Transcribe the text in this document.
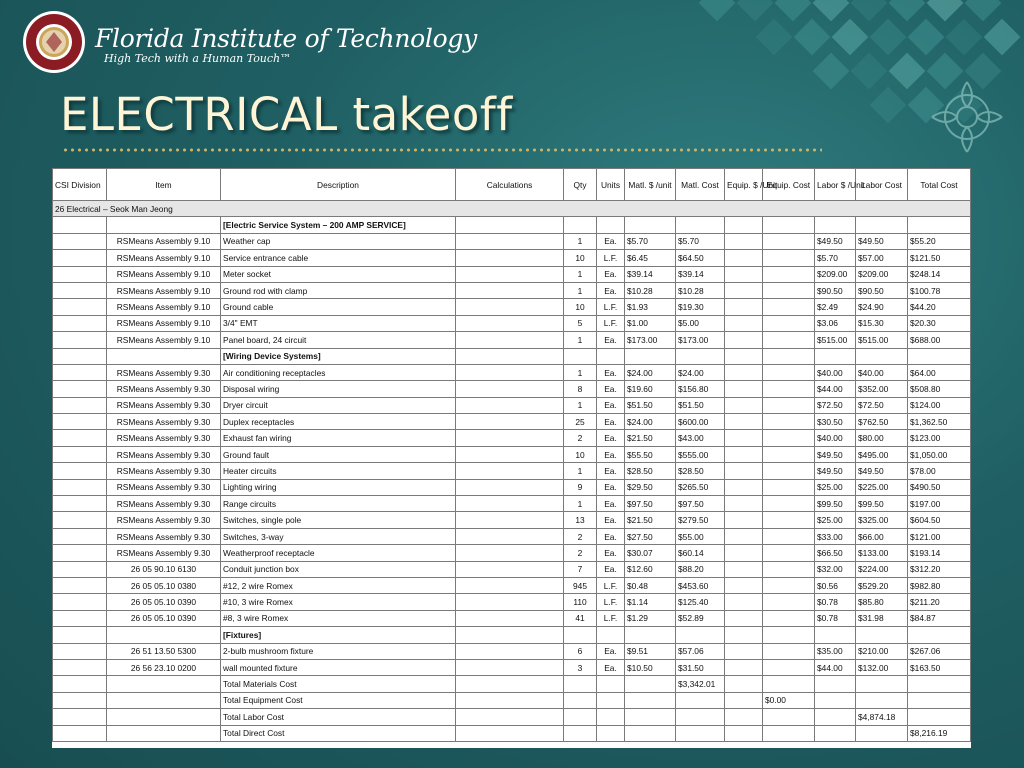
Florida Institute of Technology
High Tech with a Human Touch™
ELECTRICAL takeoff
CSI Division	Item	Description	Calculations	Qty	Units	Matl. $ /unit	Matl. Cost	Equip. $ /Unit	Equip. Cost	Labor $ /Unit	Labor Cost	Total Cost
26 Electrical – Seok Man Jeong												
		[Electric Service System – 200 AMP SERVICE]										
	RSMeans Assembly 9.10	Weather cap		1	Ea.	$5.70	$5.70			$49.50	$49.50	$55.20
	RSMeans Assembly 9.10	Service entrance cable		10	L.F.	$6.45	$64.50			$5.70	$57.00	$121.50
	RSMeans Assembly 9.10	Meter socket		1	Ea.	$39.14	$39.14			$209.00	$209.00	$248.14
	RSMeans Assembly 9.10	Ground rod with clamp		1	Ea.	$10.28	$10.28			$90.50	$90.50	$100.78
	RSMeans Assembly 9.10	Ground cable		10	L.F.	$1.93	$19.30			$2.49	$24.90	$44.20
	RSMeans Assembly 9.10	3/4" EMT		5	L.F.	$1.00	$5.00			$3.06	$15.30	$20.30
	RSMeans Assembly 9.10	Panel board, 24 circuit		1	Ea.	$173.00	$173.00			$515.00	$515.00	$688.00
		[Wiring Device Systems]										
	RSMeans Assembly 9.30	Air conditioning receptacles		1	Ea.	$24.00	$24.00			$40.00	$40.00	$64.00
	RSMeans Assembly 9.30	Disposal wiring		8	Ea.	$19.60	$156.80			$44.00	$352.00	$508.80
	RSMeans Assembly 9.30	Dryer circuit		1	Ea.	$51.50	$51.50			$72.50	$72.50	$124.00
	RSMeans Assembly 9.30	Duplex receptacles		25	Ea.	$24.00	$600.00			$30.50	$762.50	$1,362.50
	RSMeans Assembly 9.30	Exhaust fan wiring		2	Ea.	$21.50	$43.00			$40.00	$80.00	$123.00
	RSMeans Assembly 9.30	Ground fault		10	Ea.	$55.50	$555.00			$49.50	$495.00	$1,050.00
	RSMeans Assembly 9.30	Heater circuits		1	Ea.	$28.50	$28.50			$49.50	$49.50	$78.00
	RSMeans Assembly 9.30	Lighting wiring		9	Ea.	$29.50	$265.50			$25.00	$225.00	$490.50
	RSMeans Assembly 9.30	Range circuits		1	Ea.	$97.50	$97.50			$99.50	$99.50	$197.00
	RSMeans Assembly 9.30	Switches, single pole		13	Ea.	$21.50	$279.50			$25.00	$325.00	$604.50
	RSMeans Assembly 9.30	Switches, 3-way		2	Ea.	$27.50	$55.00			$33.00	$66.00	$121.00
	RSMeans Assembly 9.30	Weatherproof receptacle		2	Ea.	$30.07	$60.14			$66.50	$133.00	$193.14
	26 05 90.10 6130	Conduit junction box		7	Ea.	$12.60	$88.20			$32.00	$224.00	$312.20
	26 05 05.10 0380	#12, 2 wire Romex		945	L.F.	$0.48	$453.60			$0.56	$529.20	$982.80
	26 05 05.10 0390	#10, 3 wire Romex		110	L.F.	$1.14	$125.40			$0.78	$85.80	$211.20
	26 05 05.10 0390	#8, 3 wire Romex		41	L.F.	$1.29	$52.89			$0.78	$31.98	$84.87
		[Fixtures]										
	26 51 13.50 5300	2-bulb mushroom fixture		6	Ea.	$9.51	$57.06			$35.00	$210.00	$267.06
	26 56 23.10 0200	wall mounted fixture		3	Ea.	$10.50	$31.50			$44.00	$132.00	$163.50
		Total Materials Cost					$3,342.01					
		Total Equipment Cost							$0.00			
		Total Labor Cost									$4,874.18	
		Total Direct Cost										$8,216.19
